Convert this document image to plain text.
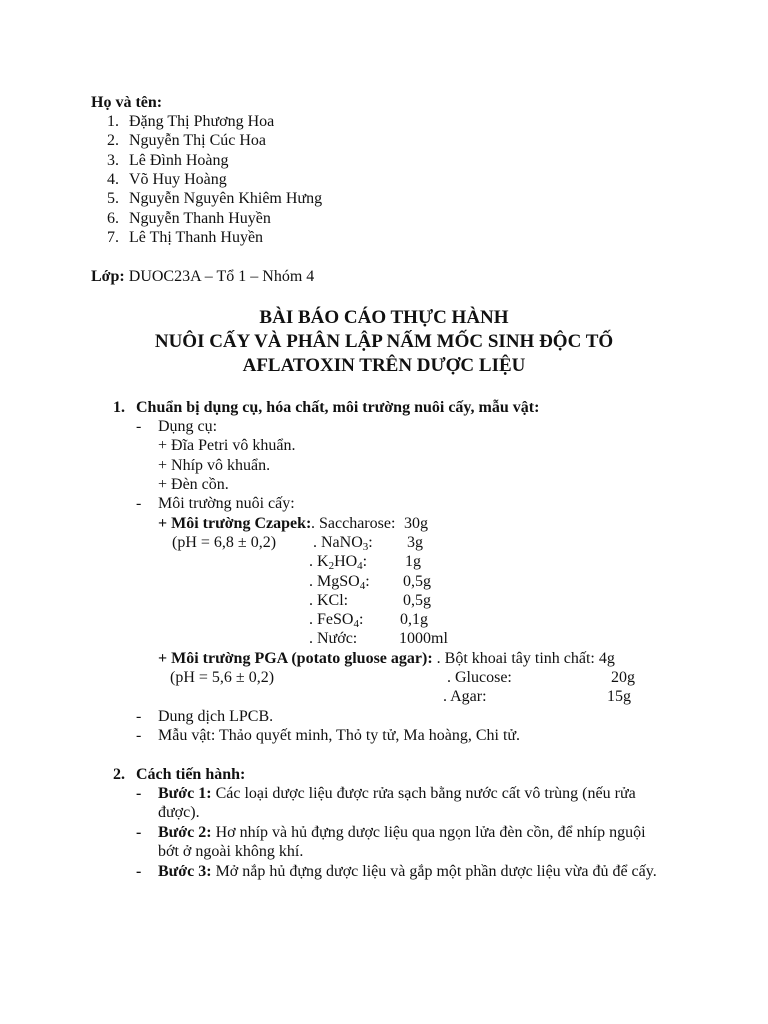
Họ và tên:
1. Đặng Thị Phương Hoa
2. Nguyễn Thị Cúc Hoa
3. Lê Đình Hoàng
4. Võ Huy Hoàng
5. Nguyễn Nguyên Khiêm Hưng
6. Nguyễn Thanh Huyền
7. Lê Thị Thanh Huyền
Lớp: DUOC23A – Tổ 1 – Nhóm 4
BÀI BÁO CÁO THỰC HÀNH
NUÔI CẤY VÀ PHÂN LẬP NẤM MỐC SINH ĐỘC TỐ
AFLATOXIN TRÊN DƯỢC LIỆU
1. Chuẩn bị dụng cụ, hóa chất, môi trường nuôi cấy, mẫu vật:
- Dụng cụ:
+ Đĩa Petri vô khuẩn.
+ Nhíp vô khuẩn.
+ Đèn cồn.
- Môi trường nuôi cấy:
+ Môi trường Czapek: . Saccharose: 30g
(pH = 6,8 ± 0,2) . NaNO$_3$: 3g
. $K_2HO_4$: 1g
. MgSO$_4$: 0,5g
. KCl:	0,5g
. FeSO$_4$: 0,1g
. Nước:	1000ml
+ Môi trường PGA (potato gluose agar): . Bột khoai tây tinh chất: 4g
(pH = 5,6 ± 0,2)	. Glucose:	20g
. Agar:	15g
- Dung dịch LPCB.
- Mẫu vật: Thảo quyết minh, Thỏ ty tử, Ma hoàng, Chi tử.
2. Cách tiến hành:
- Bước 1: Các loại dược liệu được rửa sạch bằng nước cất vô trùng (nếu rửa
được).
- Bước 2: Hơ nhíp và hủ đựng dược liệu qua ngọn lửa đèn cồn, để nhíp nguội
bớt ở ngoài không khí.
- Bước 3: Mở nắp hủ đựng dược liệu và gắp một phần dược liệu vừa đủ để cấy.
